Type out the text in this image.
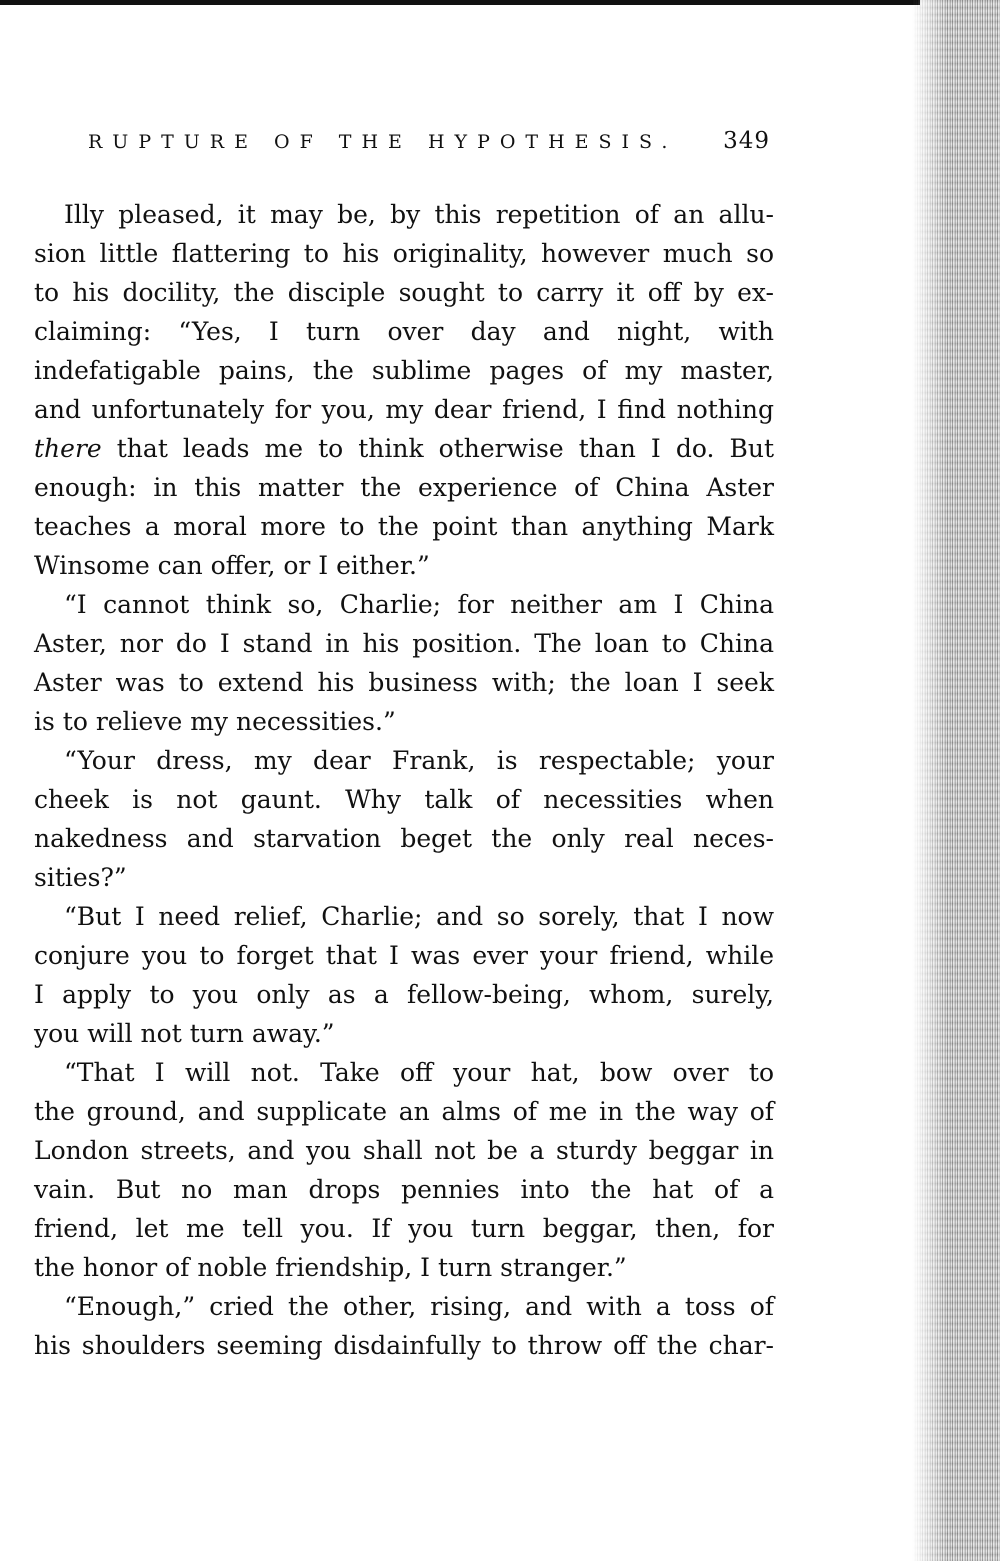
RUPTURE OF THE HYPOTHESIS. 349
Illy pleased, it may be, by this repetition of an allu-
sion little flattering to his originality, however much so
to his docility, the disciple sought to carry it off by ex-
claiming: “Yes, I turn over day and night, with
indefatigable pains, the sublime pages of my master,
and unfortunately for you, my dear friend, I find nothing
there that leads me to think otherwise than I do. But
enough: in this matter the experience of China Aster
teaches a moral more to the point than anything Mark
Winsome can offer, or I either.”
“I cannot think so, Charlie; for neither am I China
Aster, nor do I stand in his position. The loan to China
Aster was to extend his business with; the loan I seek
is to relieve my necessities.”
“Your dress, my dear Frank, is respectable; your
cheek is not gaunt. Why talk of necessities when
nakedness and starvation beget the only real neces-
sities?”
“But I need relief, Charlie; and so sorely, that I now
conjure you to forget that I was ever your friend, while
I apply to you only as a fellow-being, whom, surely,
you will not turn away.”
“That I will not. Take off your hat, bow over to
the ground, and supplicate an alms of me in the way of
London streets, and you shall not be a sturdy beggar in
vain. But no man drops pennies into the hat of a
friend, let me tell you. If you turn beggar, then, for
the honor of noble friendship, I turn stranger.”
“Enough,” cried the other, rising, and with a toss of
his shoulders seeming disdainfully to throw off the char-
